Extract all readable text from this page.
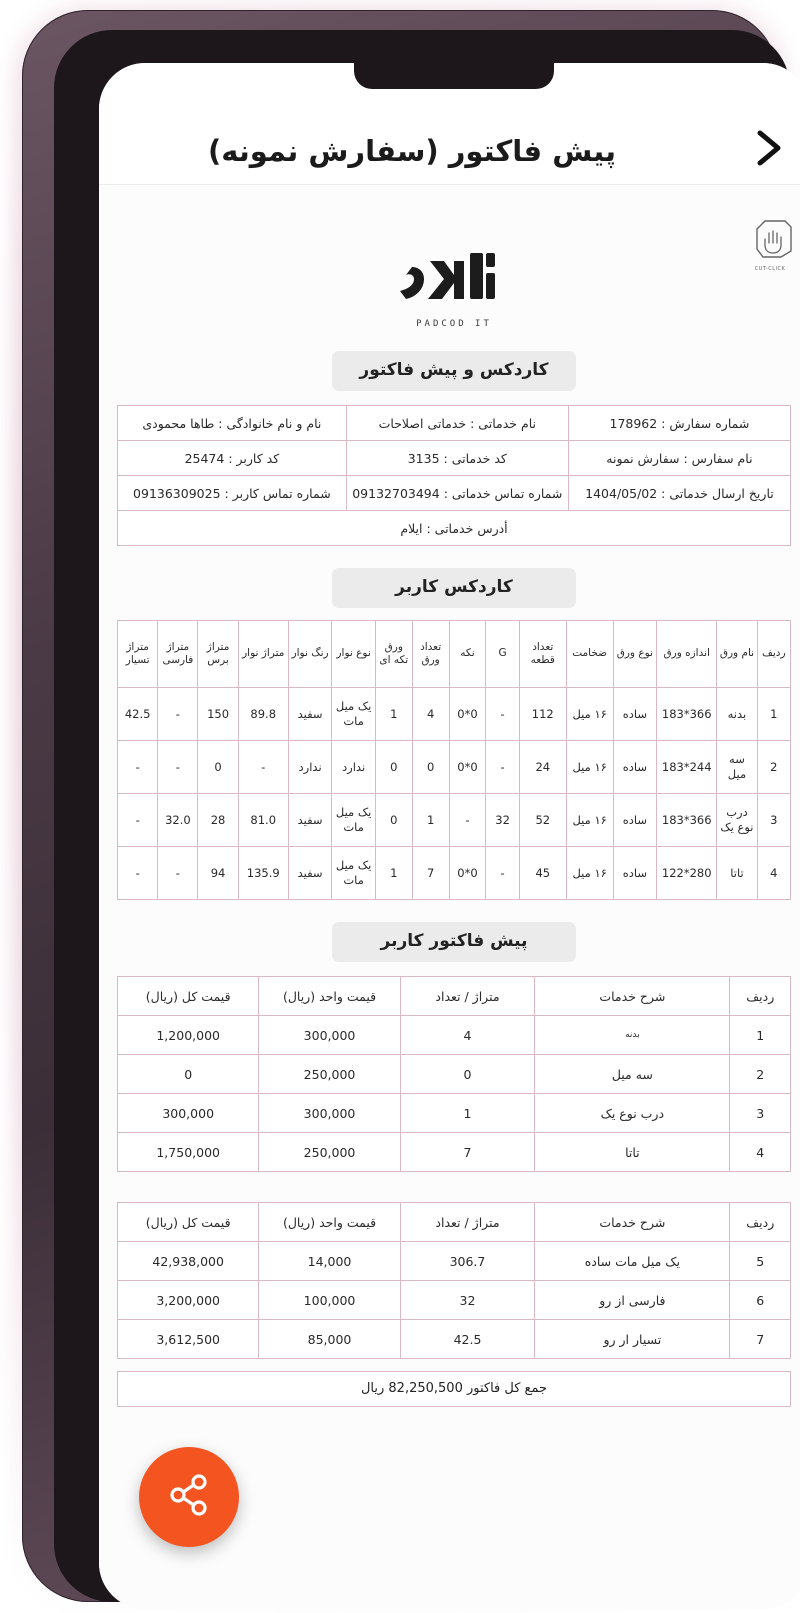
پیش فاکتور (سفارش نمونه)
CUT-CLICK
PADCOD IT
کاردکس و پیش فاکتور
شماره سفارش : 178962	نام خدماتی : خدماتی اصلاحات	نام و نام خانوادگی : طاها محمودی
نام سفارس : سفارش نمونه	کد خدماتی : 3135	کد کاربر : 25474
تاریخ ارسال خدماتی : 1404/05/02	شماره تماس خدماتی : 09132703494	شماره تماس کاربر : 09136309025
أدرس خدماتی : ایلام		
کاردکس کاربر
ردیف	نام ورق	اندازه ورق	نوع ورق	ضخامت	تعداد قطعه	G	نکه	تعداد ورق	ورق تکه ای	نوع نوار	رنگ نوار	متراژ نوار	متراژ برس	متراژ فارسی	متراژ تسیار
1	بدنه	366*183	ساده	۱۶ میل	112	-	0*0	4	1	یک میل مات	سفید	89.8	150	-	42.5
2	سه میل	244*183	ساده	۱۶ میل	24	-	0*0	0	0	ندارد	ندارد	-	0	-	-
3	درب نوع یک	366*183	ساده	۱۶ میل	52	32	-	1	0	یک میل مات	سفید	81.0	28	32.0	-
4	تاتا	280*122	ساده	۱۶ میل	45	-	0*0	7	1	یک میل مات	سفید	135.9	94	-	-
پیش فاکتور کاربر
ردیف	شرح خدمات	متراژ / تعداد	قیمت واحد (ریال)	قیمت کل (ریال)
1	بدنه	4	300,000	1,200,000
2	سه میل	0	250,000	0
3	درب نوع یک	1	300,000	300,000
4	تاتا	7	250,000	1,750,000
ردیف	شرح خدمات	متراژ / تعداد	قیمت واحد (ریال)	قیمت کل (ریال)
5	یک میل مات ساده	306.7	14,000	42,938,000
6	فارسی از رو	32	100,000	3,200,000
7	تسیار ار رو	42.5	85,000	3,612,500
جمع کل فاکتور 82,250,500 ریال
